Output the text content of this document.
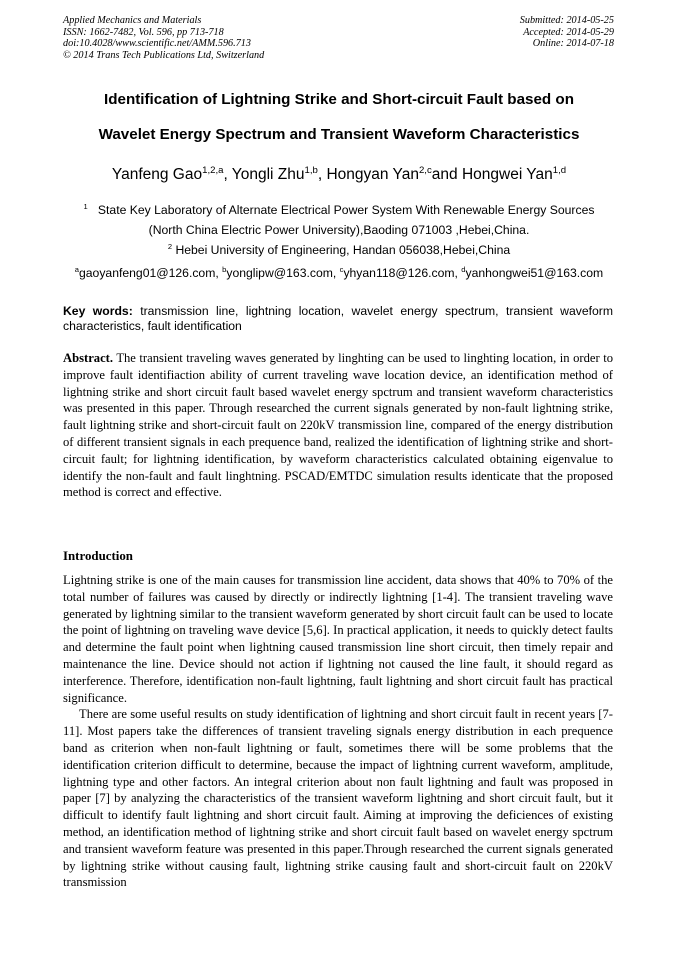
Applied Mechanics and Materials
ISSN: 1662-7482, Vol. 596, pp 713-718
doi:10.4028/www.scientific.net/AMM.596.713
© 2014 Trans Tech Publications Ltd, Switzerland
Submitted: 2014-05-25
Accepted: 2014-05-29
Online: 2014-07-18
Identification of Lightning Strike and Short-circuit Fault based on
Wavelet Energy Spectrum and Transient Waveform Characteristics
Yanfeng Gao$^{1,2,a}$, Yongli Zhu$^{1,b}$, Hongyan Yan$^{2,c}$and Hongwei Yan$^{1,d}$
$^1$ State Key Laboratory of Alternate Electrical Power System With Renewable Energy Sources
(North China Electric Power University),Baoding 071003 ,Hebei,China.
$^2$ Hebei University of Engineering, Handan 056038,Hebei,China
$^a$gaoyanfeng01@126.com, $^b$yonglipw@163.com, $^c$yhyan118@126.com, $^d$yanhongwei51@163.com
Key words: transmission line, lightning location, wavelet energy spectrum, transient waveform characteristics, fault identification
Abstract. The transient traveling waves generated by linghting can be used to linghting location, in order to improve fault identifiaction ability of current traveling wave location device, an identification method of lightning strike and short circuit fault based wavelet energy spctrum and transient waveform characteristics was presented in this paper. Through researched the current signals generated by non-fault lightning strike, fault lightning strike and short-circuit fault on 220kV transmission line, compared of the energy distribution of different transient signals in each prequence band, realized the identification of lightning strike and short-circuit fault; for lightning identification, by waveform characteristics calculated obtaining eigenvalue to identify the non-fault and fault linghtning. PSCAD/EMTDC simulation results identicate that the proposed method is correct and effective.
Introduction

Lightning strike is one of the main causes for transmission line accident, data shows that 40% to 70% of the total number of failures was caused by directly or indirectly lightning [1-4]. The transient traveling wave generated by lightning similar to the transient waveform generated by short circuit fault can be used to locate the point of lightning on traveling wave device [5,6]. In practical application, it needs to quickly detect faults and determine the fault point when lightning caused transmission line short circuit, then timely repair and maintenance the line. Device should not action if lightning not caused the line fault, it should regard as interference. Therefore, identification non-fault lightning, fault lightning and short circuit fault has practical significance.

There are some useful results on study identification of lightning and short circuit fault in recent years [7-11]. Most papers take the differences of transient traveling signals energy distribution in each prequence band as criterion when non-fault lightning or fault, sometimes there will be some problems that the identification criterion difficult to determine, because the impact of lightning current waveform, amplitude, lightning type and other factors. An integral criterion about non fault lightning and fault was proposed in paper [7] by analyzing the characteristics of the transient waveform lightning and short circuit fault, but it difficult to identify fault lightning and short circuit fault. Aiming at improving the deficiences of existing method, an identification method of lightning strike and short circuit fault based on wavelet energy spctrum and transient waveform feature was presented in this paper.Through researched the current signals generated by lightning strike without causing fault, lightning strike causing fault and short-circuit fault on 220kV transmission
